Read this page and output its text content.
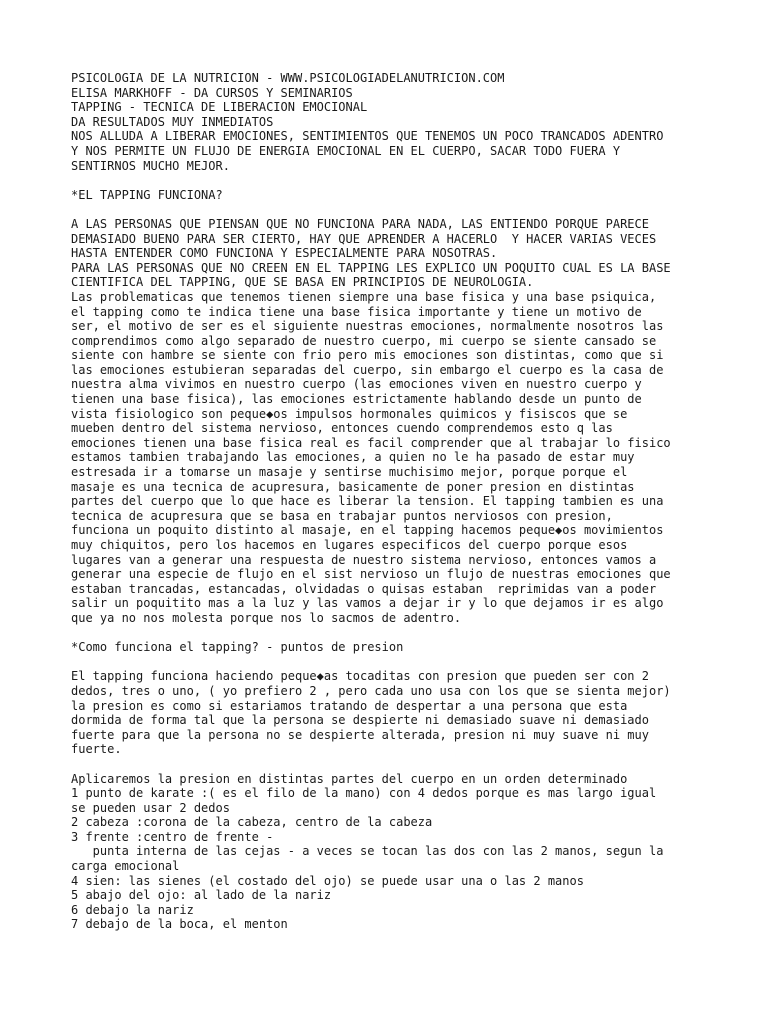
PSICOLOGIA DE LA NUTRICION - WWW.PSICOLOGIADELANUTRICION.COM
ELISA MARKHOFF - DA CURSOS Y SEMINARIOS
TAPPING - TECNICA DE LIBERACION EMOCIONAL
DA RESULTADOS MUY INMEDIATOS
NOS ALLUDA A LIBERAR EMOCIONES, SENTIMIENTOS QUE TENEMOS UN POCO TRANCADOS ADENTRO
Y NOS PERMITE UN FLUJO DE ENERGIA EMOCIONAL EN EL CUERPO, SACAR TODO FUERA Y
SENTIRNOS MUCHO MEJOR.
*EL TAPPING FUNCIONA?
A LAS PERSONAS QUE PIENSAN QUE NO FUNCIONA PARA NADA, LAS ENTIENDO PORQUE PARECE
DEMASIADO BUENO PARA SER CIERTO, HAY QUE APRENDER A HACERLO  Y HACER VARIAS VECES
HASTA ENTENDER COMO FUNCIONA Y ESPECIALMENTE PARA NOSOTRAS.
PARA LAS PERSONAS QUE NO CREEN EN EL TAPPING LES EXPLICO UN POQUITO CUAL ES LA BASE
CIENTIFICA DEL TAPPING, QUE SE BASA EN PRINCIPIOS DE NEUROLOGIA.
Las problematicas que tenemos tienen siempre una base fisica y una base psiquica,
el tapping como te indica tiene una base fisica importante y tiene un motivo de
ser, el motivo de ser es el siguiente nuestras emociones, normalmente nosotros las
comprendimos como algo separado de nuestro cuerpo, mi cuerpo se siente cansado se
siente con hambre se siente con frio pero mis emociones son distintas, como que si
las emociones estubieran separadas del cuerpo, sin embargo el cuerpo es la casa de
nuestra alma vivimos en nuestro cuerpo (las emociones viven en nuestro cuerpo y
tienen una base fisica), las emociones estrictamente hablando desde un punto de
vista fisiologico son peque◆os impulsos hormonales quimicos y fisiscos que se
mueben dentro del sistema nervioso, entonces cuendo comprendemos esto q las
emociones tienen una base fisica real es facil comprender que al trabajar lo fisico
estamos tambien trabajando las emociones, a quien no le ha pasado de estar muy
estresada ir a tomarse un masaje y sentirse muchisimo mejor, porque porque el
masaje es una tecnica de acupresura, basicamente de poner presion en distintas
partes del cuerpo que lo que hace es liberar la tension. El tapping tambien es una
tecnica de acupresura que se basa en trabajar puntos nerviosos con presion,
funciona un poquito distinto al masaje, en el tapping hacemos peque◆os movimientos
muy chiquitos, pero los hacemos en lugares especificos del cuerpo porque esos
lugares van a generar una respuesta de nuestro sistema nervioso, entonces vamos a
generar una especie de flujo en el sist nervioso un flujo de nuestras emociones que
estaban trancadas, estancadas, olvidadas o quisas estaban  reprimidas van a poder
salir un poquitito mas a la luz y las vamos a dejar ir y lo que dejamos ir es algo
que ya no nos molesta porque nos lo sacmos de adentro.
*Como funciona el tapping? - puntos de presion
El tapping funciona haciendo peque◆as tocaditas con presion que pueden ser con 2
dedos, tres o uno, ( yo prefiero 2 , pero cada uno usa con los que se sienta mejor)
la presion es como si estariamos tratando de despertar a una persona que esta
dormida de forma tal que la persona se despierte ni demasiado suave ni demasiado
fuerte para que la persona no se despierte alterada, presion ni muy suave ni muy
fuerte.
Aplicaremos la presion en distintas partes del cuerpo en un orden determinado
1 punto de karate :( es el filo de la mano) con 4 dedos porque es mas largo igual
se pueden usar 2 dedos
2 cabeza :corona de la cabeza, centro de la cabeza
3 frente :centro de frente -
punta interna de las cejas - a veces se tocan las dos con las 2 manos, segun la
carga emocional
4 sien: las sienes (el costado del ojo) se puede usar una o las 2 manos
5 abajo del ojo: al lado de la nariz
6 debajo la nariz
7 debajo de la boca, el menton
